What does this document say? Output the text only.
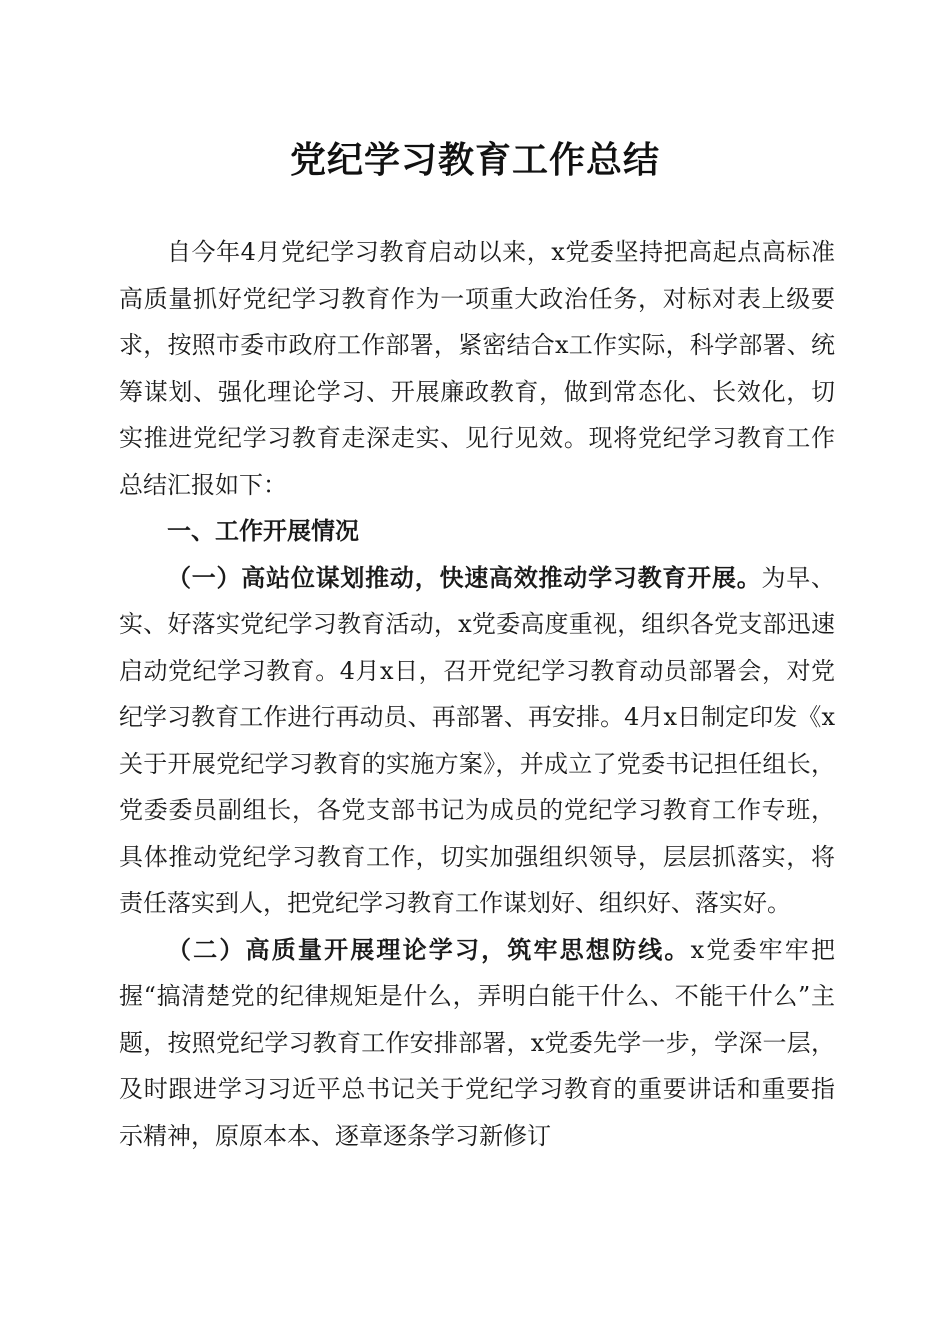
党纪学习教育工作总结

自今年4月党纪学习教育启动以来，x党委坚持把高起点高标准高质量抓好党纪学习教育作为一项重大政治任务，对标对表上级要求，按照市委市政府工作部署，紧密结合x工作实际，科学部署、统筹谋划、强化理论学习、开展廉政教育，做到常态化、长效化，切实推进党纪学习教育走深走实、见行见效。现将党纪学习教育工作总结汇报如下：

一、工作开展情况

（一）高站位谋划推动，快速高效推动学习教育开展。为早、实、好落实党纪学习教育活动，x党委高度重视，组织各党支部迅速启动党纪学习教育。4月x日，召开党纪学习教育动员部署会，对党纪学习教育工作进行再动员、再部署、再安排。4月x日制定印发《x关于开展党纪学习教育的实施方案》，并成立了党委书记担任组长，党委委员副组长，各党支部书记为成员的党纪学习教育工作专班，具体推动党纪学习教育工作，切实加强组织领导，层层抓落实，将责任落实到人，把党纪学习教育工作谋划好、组织好、落实好。

（二）高质量开展理论学习，筑牢思想防线。x党委牢牢把握“搞清楚党的纪律规矩是什么，弄明白能干什么、不能干什么”主题，按照党纪学习教育工作安排部署，x党委先学一步，学深一层，及时跟进学习习近平总书记关于党纪学习教育的重要讲话和重要指示精神，原原本本、逐章逐条学习新修订
